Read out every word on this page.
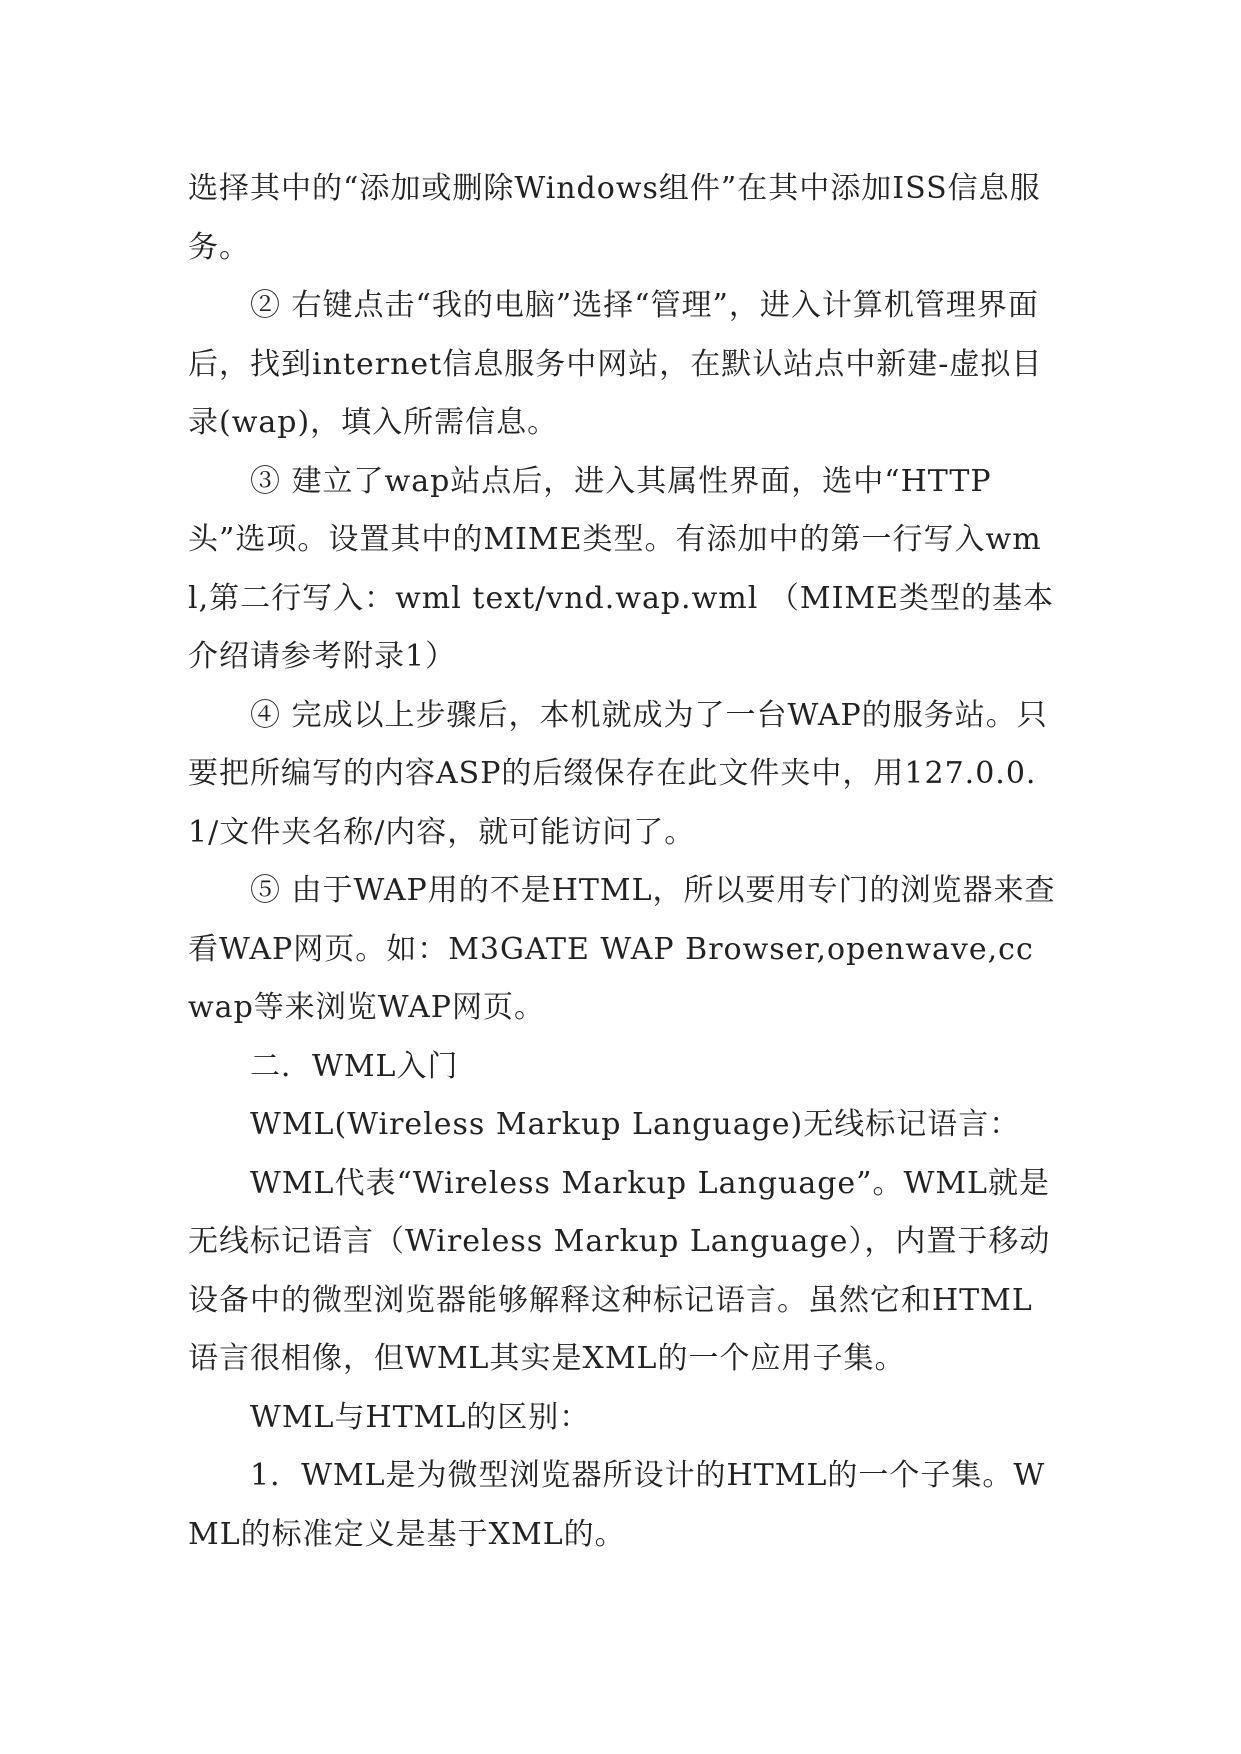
选择其中的“添加或删除Windows组件”在其中添加ISS信息服务。

② 右键点击“我的电脑”选择“管理”，进入计算机管理界面后，找到internet信息服务中网站，在默认站点中新建-虚拟目录(wap)，填入所需信息。

③ 建立了wap站点后，进入其属性界面，选中“HTTP头”选项。设置其中的MIME类型。有添加中的第一行写入wml,第二行写入：wml text/vnd.wap.wml （MIME类型的基本介绍请参考附录1）

④ 完成以上步骤后，本机就成为了一台WAP的服务站。只要把所编写的内容ASP的后缀保存在此文件夹中，用127.0.0.1/文件夹名称/内容，就可能访问了。

⑤ 由于WAP用的不是HTML，所以要用专门的浏览器来查看WAP网页。如：M3GATE WAP Browser,openwave,ccwap等来浏览WAP网页。

二．WML入门

WML(Wireless Markup Language)无线标记语言：

WML代表“Wireless Markup Language”。WML就是无线标记语言（Wireless Markup Language），内置于移动设备中的微型浏览器能够解释这种标记语言。虽然它和HTML语言很相像，但WML其实是XML的一个应用子集。

WML与HTML的区别：

1．WML是为微型浏览器所设计的HTML的一个子集。WML的标准定义是基于XML的。
